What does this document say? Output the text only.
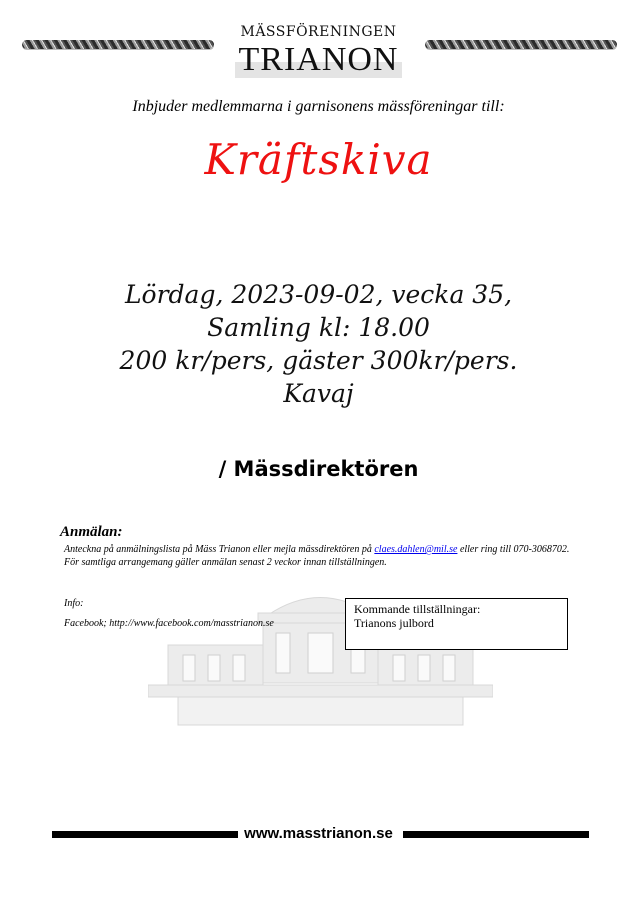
MÄSSFÖRENINGEN
TRIANON
Inbjuder medlemmarna i garnisonens mässföreningar till:
Kräftskiva
Lördag, 2023-09-02, vecka 35,
Samling kl: 18.00
200 kr/pers, gäster 300kr/pers.
Kavaj
/ Mässdirektören
Anmälan:
Anteckna på anmälningslista på Mäss Trianon eller mejla mässdirektören på claes.dahlen@mil.se eller ring till 070-3068702.
För samtliga arrangemang gäller anmälan senast 2 veckor innan tillställningen.
Info:
Facebook; http://www.facebook.com/masstrianon.se
Kommande tillställningar:
Trianons julbord
www.masstrianon.se
